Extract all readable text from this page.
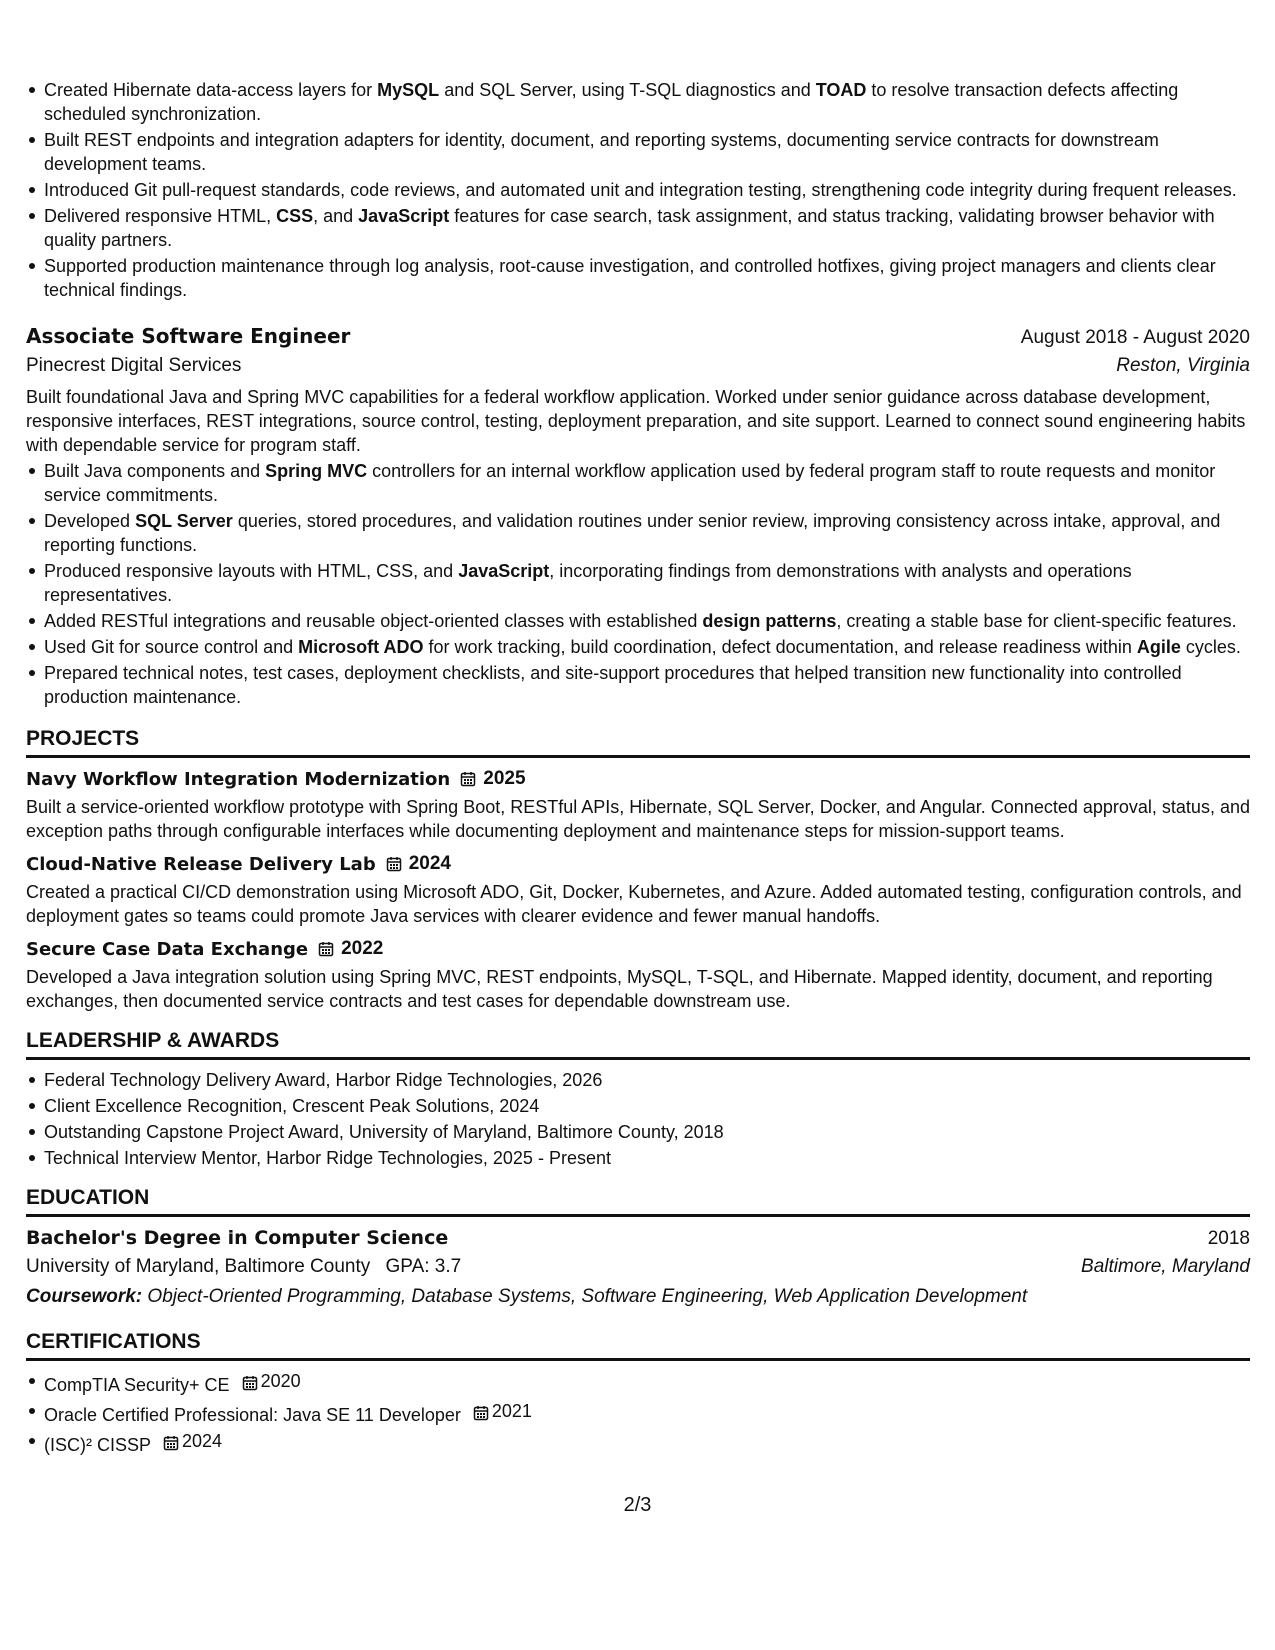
Created Hibernate data-access layers for MySQL and SQL Server, using T-SQL diagnostics and TOAD to resolve transaction defects affecting scheduled synchronization.
Built REST endpoints and integration adapters for identity, document, and reporting systems, documenting service contracts for downstream development teams.
Introduced Git pull-request standards, code reviews, and automated unit and integration testing, strengthening code integrity during frequent releases.
Delivered responsive HTML, CSS, and JavaScript features for case search, task assignment, and status tracking, validating browser behavior with quality partners.
Supported production maintenance through log analysis, root-cause investigation, and controlled hotfixes, giving project managers and clients clear technical findings.
Associate Software Engineer	August 2018 - August 2020
Pinecrest Digital Services	Reston, Virginia
Built foundational Java and Spring MVC capabilities for a federal workflow application. Worked under senior guidance across database development, responsive interfaces, REST integrations, source control, testing, deployment preparation, and site support. Learned to connect sound engineering habits with dependable service for program staff.
Built Java components and Spring MVC controllers for an internal workflow application used by federal program staff to route requests and monitor service commitments.
Developed SQL Server queries, stored procedures, and validation routines under senior review, improving consistency across intake, approval, and reporting functions.
Produced responsive layouts with HTML, CSS, and JavaScript, incorporating findings from demonstrations with analysts and operations representatives.
Added RESTful integrations and reusable object-oriented classes with established design patterns, creating a stable base for client-specific features.
Used Git for source control and Microsoft ADO for work tracking, build coordination, defect documentation, and release readiness within Agile cycles.
Prepared technical notes, test cases, deployment checklists, and site-support procedures that helped transition new functionality into controlled production maintenance.
PROJECTS
Navy Workflow Integration Modernization 2025
Built a service-oriented workflow prototype with Spring Boot, RESTful APIs, Hibernate, SQL Server, Docker, and Angular. Connected approval, status, and exception paths through configurable interfaces while documenting deployment and maintenance steps for mission-support teams.
Cloud-Native Release Delivery Lab 2024
Created a practical CI/CD demonstration using Microsoft ADO, Git, Docker, Kubernetes, and Azure. Added automated testing, configuration controls, and deployment gates so teams could promote Java services with clearer evidence and fewer manual handoffs.
Secure Case Data Exchange 2022
Developed a Java integration solution using Spring MVC, REST endpoints, MySQL, T-SQL, and Hibernate. Mapped identity, document, and reporting exchanges, then documented service contracts and test cases for dependable downstream use.
LEADERSHIP & AWARDS
Federal Technology Delivery Award, Harbor Ridge Technologies, 2026
Client Excellence Recognition, Crescent Peak Solutions, 2024
Outstanding Capstone Project Award, University of Maryland, Baltimore County, 2018
Technical Interview Mentor, Harbor Ridge Technologies, 2025 - Present
EDUCATION
Bachelor's Degree in Computer Science	2018
University of Maryland, Baltimore County GPA: 3.7	Baltimore, Maryland
Coursework: Object-Oriented Programming, Database Systems, Software Engineering, Web Application Development
CERTIFICATIONS
CompTIA Security+ CE 2020
Oracle Certified Professional: Java SE 11 Developer 2021
(ISC)² CISSP 2024
2/3
